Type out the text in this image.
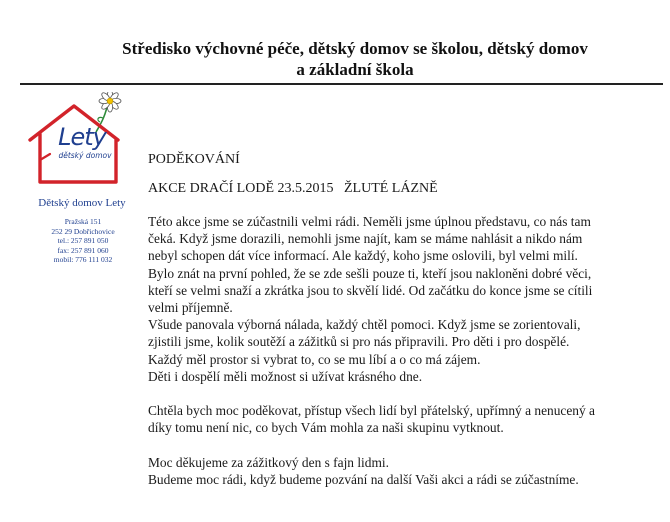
Středisko výchovné péče, dětský domov se školou, dětský domov
a základní škola
Lety
dětský domov
Dětský domov Lety
Pražská 151
252 29 Dobřichovice
tel.: 257 891 050
fax: 257 891 060
mobil: 776 111 032
PODĚKOVÁNÍ
AKCE DRAČÍ LODĚ 23.5.2015   ŽLUTÉ LÁZNĚ
Této akce jsme se zúčastnili velmi rádi. Neměli jsme úplnou představu, co nás tam
čeká. Když jsme dorazili, nemohli jsme najít, kam se máme nahlásit a nikdo nám
nebyl schopen dát více informací. Ale každý, koho jsme oslovili, byl velmi milí.
Bylo znát na první pohled, že se zde sešli pouze ti, kteří jsou nakloněni dobré věci,
kteří se velmi snaží a zkrátka jsou to skvělí lidé. Od začátku do konce jsme se cítili
velmi příjemně.
Všude panovala výborná nálada, každý chtěl pomoci. Když jsme se zorientovali,
zjistili jsme, kolik soutěží a zážitků si pro nás připravili. Pro děti i pro dospělé.
Každý měl prostor si vybrat to, co se mu líbí a o co má zájem.
Děti i dospělí měli možnost si užívat krásného dne.
Chtěla bych moc poděkovat, přístup všech lidí byl přátelský, upřímný a nenucený a
díky tomu není nic, co bych Vám mohla za naši skupinu vytknout.
Moc děkujeme za zážitkový den s fajn lidmi.
Budeme moc rádi, když budeme pozvání na další Vaši akci a rádi se zúčastníme.
